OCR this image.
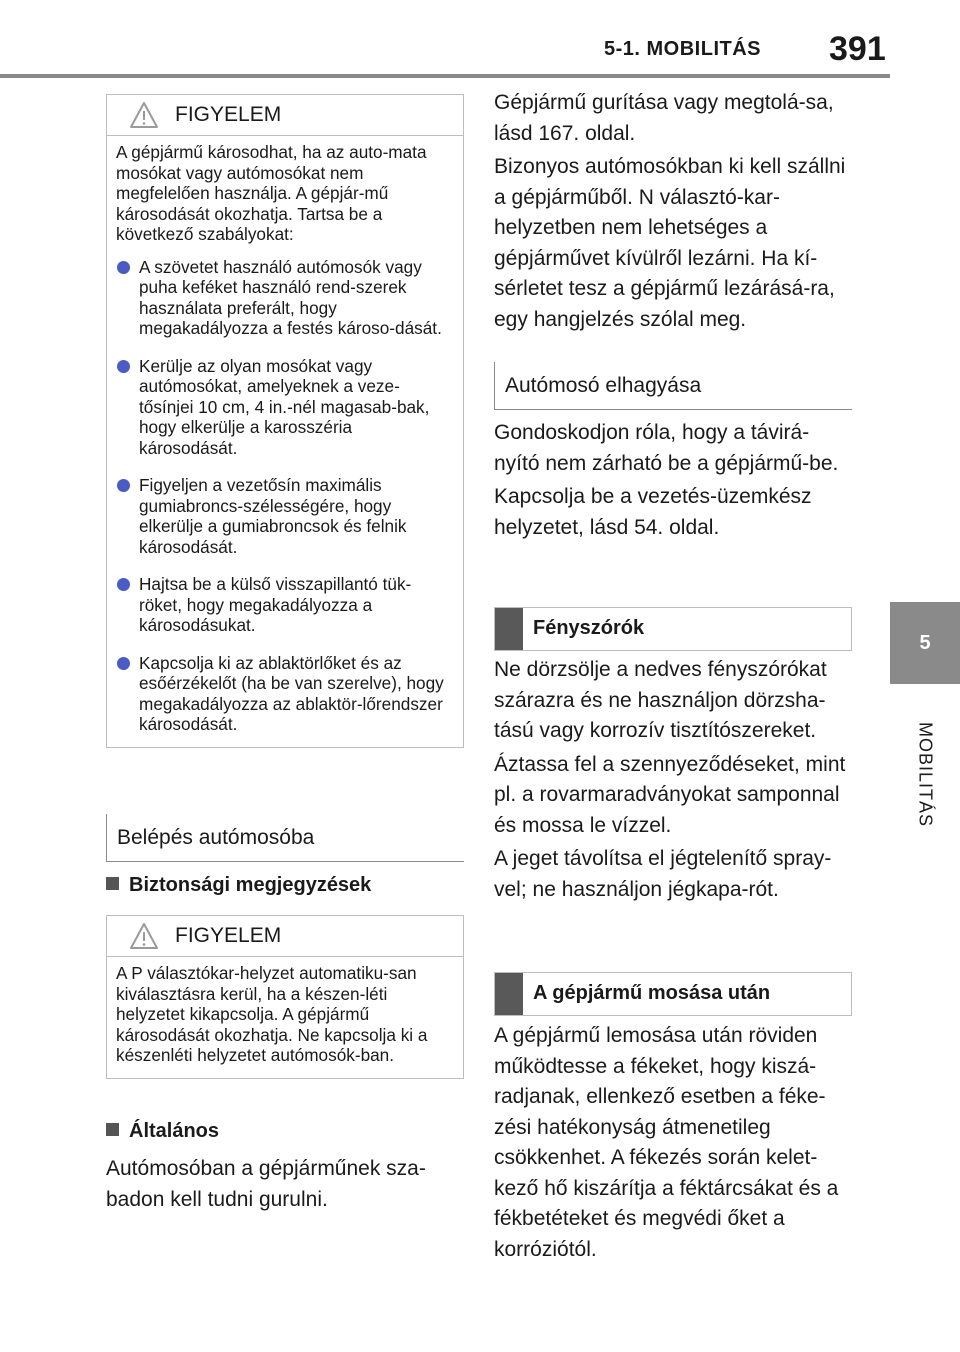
5-1. MOBILITÁS 391
5
MOBILITÁS
FIGYELEM

A gépjármű károsodhat, ha az auto-mata mosókat vagy autómosókat nem megfelelően használja. A gépjár-mű károsodását okozhatja. Tartsa be a következő szabályokat:

A szövetet használó autómosók vagy puha keféket használó rend-szerek használata preferált, hogy megakadályozza a festés károso-dását.
Kerülje az olyan mosókat vagy autómosókat, amelyeknek a veze-tősínjei 10 cm, 4 in.-nél magasab-bak, hogy elkerülje a karosszéria károsodását.
Figyeljen a vezetősín maximális gumiabroncs-szélességére, hogy elkerülje a gumiabroncsok és felnik károsodását.
Hajtsa be a külső visszapillantó tük-röket, hogy megakadályozza a károsodásukat.
Kapcsolja ki az ablaktörlőket és az esőérzékelőt (ha be van szerelve), hogy megakadályozza az ablaktör-lőrendszer károsodását.
Belépés autómosóba
Biztonsági megjegyzések
FIGYELEM

A P választókar-helyzet automatiku-san kiválasztásra kerül, ha a készen-léti helyzetet kikapcsolja. A gépjármű károsodását okozhatja. Ne kapcsolja ki a készenléti helyzetet autómosók-ban.

Általános

Autómosóban a gépjárműnek sza-badon kell tudni gurulni.

Gépjármű gurítása vagy megtolá-sa, lásd 167. oldal.

Bizonyos autómosókban ki kell szállni a gépjárműből. N választó-kar-helyzetben nem lehetséges a gépjárművet kívülről lezárni. Ha kí-sérletet tesz a gépjármű lezárásá-ra, egy hangjelzés szólal meg.

Autómosó elhagyása

Gondoskodjon róla, hogy a távirá-nyító nem zárható be a gépjármű-be.

Kapcsolja be a vezetés-üzemkész helyzetet, lásd 54. oldal.

Fényszórók

Ne dörzsölje a nedves fényszórókat szárazra és ne használjon dörzsha-tású vagy korrozív tisztítószereket.

Áztassa fel a szennyeződéseket, mint pl. a rovarmaradványokat samponnal és mossa le vízzel.

A jeget távolítsa el jégtelenítő spray-vel; ne használjon jégkapa-rót.

A gépjármű mosása után

A gépjármű lemosása után röviden működtesse a fékeket, hogy kiszá-radjanak, ellenkező esetben a féke-zési hatékonyság átmenetileg csökkenhet. A fékezés során kelet-kező hő kiszárítja a féktárcsákat és a fékbetéteket és megvédi őket a korróziótól.
